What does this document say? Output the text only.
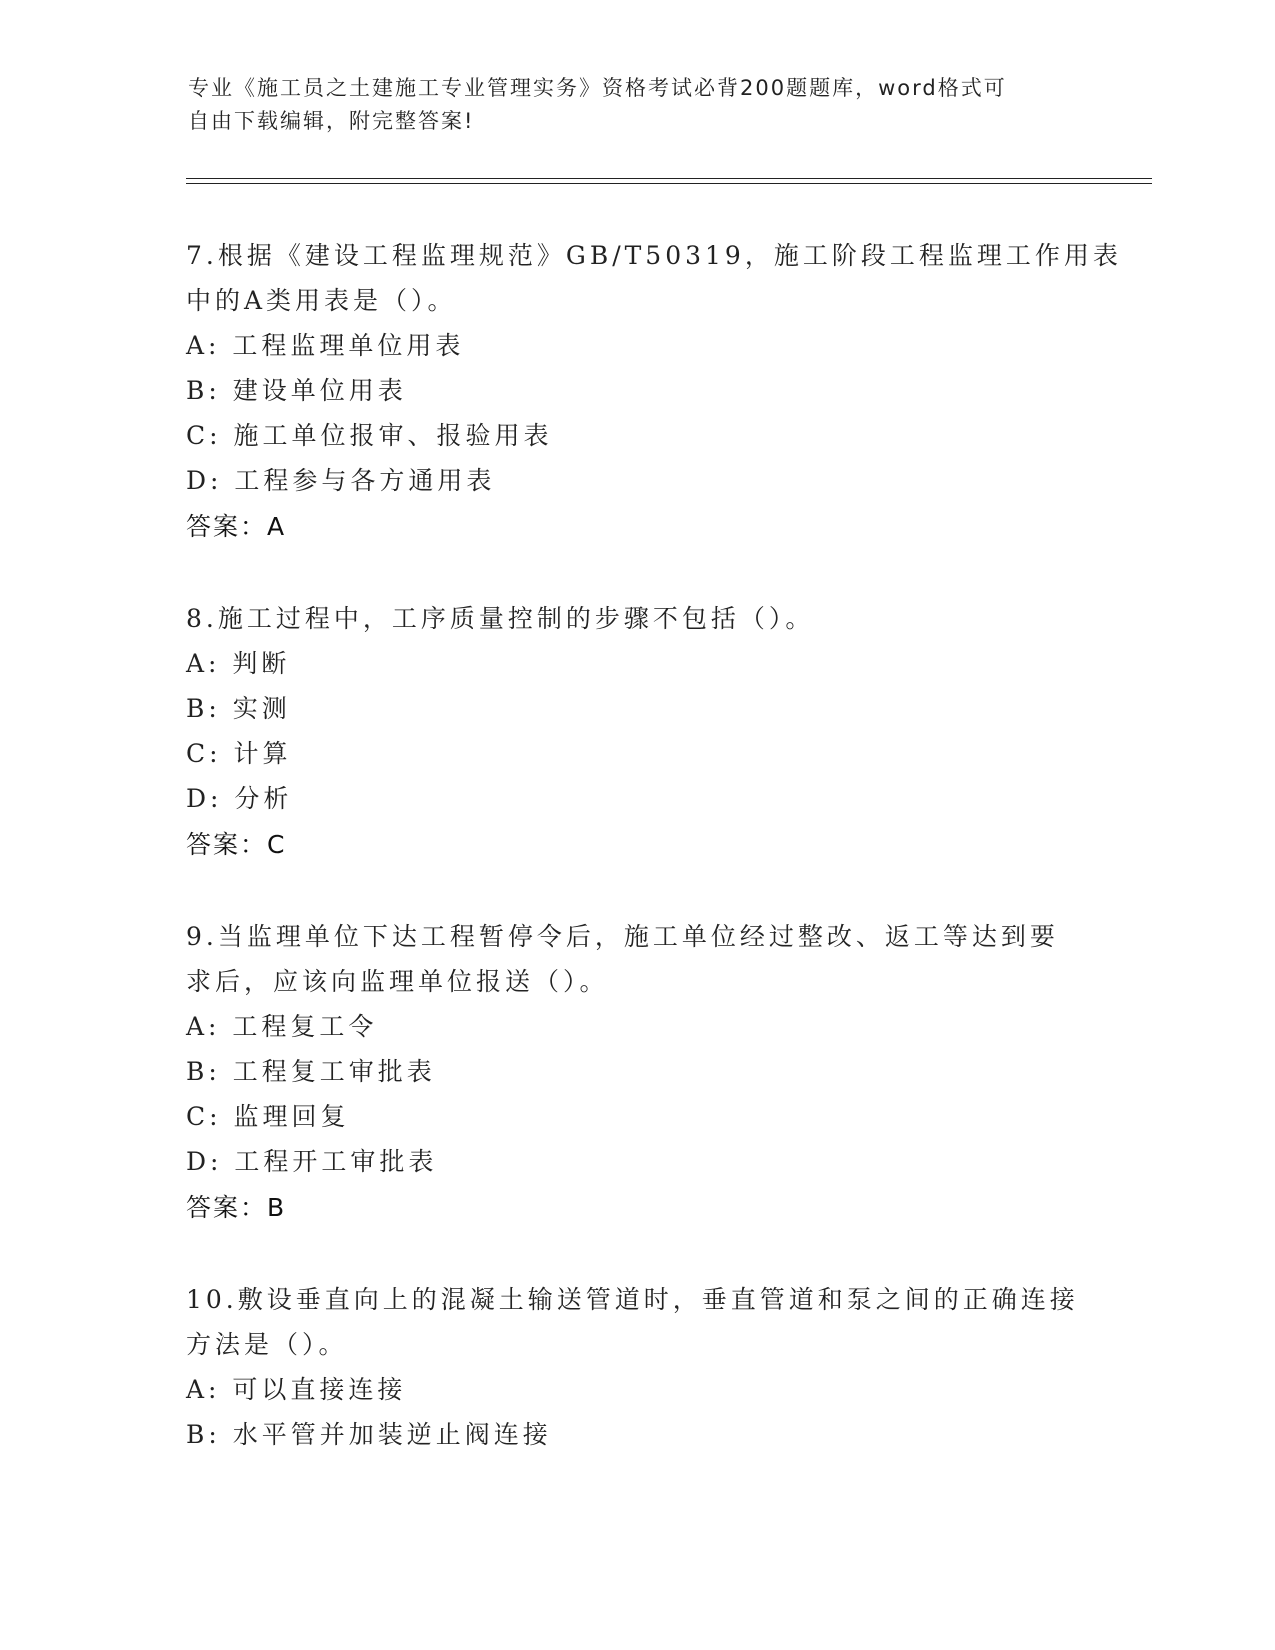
专业《施工员之土建施工专业管理实务》资格考试必背200题题库，word格式可
自由下载编辑，附完整答案!
7.根据《建设工程监理规范》GB/T50319，施工阶段工程监理工作用表
中的A类用表是（）。
A: 工程监理单位用表
B: 建设单位用表
C: 施工单位报审、报验用表
D: 工程参与各方通用表
答案：A
8.施工过程中，工序质量控制的步骤不包括（）。
A: 判断
B: 实测
C: 计算
D: 分析
答案：C
9.当监理单位下达工程暂停令后，施工单位经过整改、返工等达到要
求后，应该向监理单位报送（）。
A: 工程复工令
B: 工程复工审批表
C: 监理回复
D: 工程开工审批表
答案：B
10.敷设垂直向上的混凝土输送管道时，垂直管道和泵之间的正确连接
方法是（）。
A: 可以直接连接
B: 水平管并加装逆止阀连接
